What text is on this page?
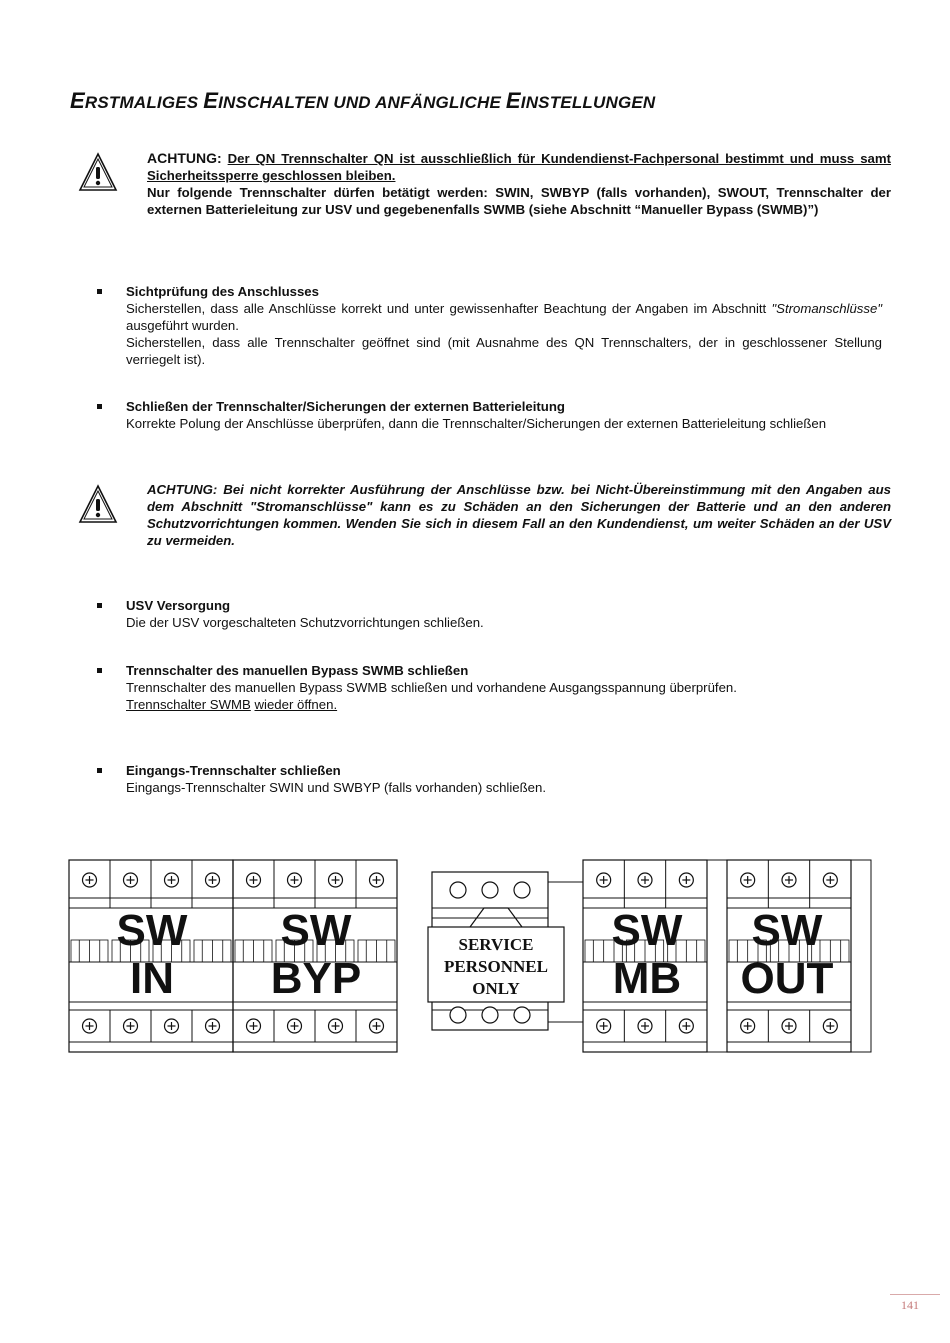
ERSTMALIGES EINSCHALTEN UND ANFÄNGLICHE EINSTELLUNGEN
ACHTUNG: Der QN Trennschalter QN ist ausschließlich für Kundendienst-Fachpersonal bestimmt und muss samt Sicherheitssperre geschlossen bleiben.
Nur folgende Trennschalter dürfen betätigt werden: SWIN, SWBYP (falls vorhanden), SWOUT, Trennschalter der externen Batterieleitung zur USV und gegebenenfalls SWMB (siehe Abschnitt “Manueller Bypass (SWMB)”)
Sichtprüfung des Anschlusses
Sicherstellen, dass alle Anschlüsse korrekt und unter gewissenhafter Beachtung der Angaben im Abschnitt "Stromanschlüsse" ausgeführt wurden.
Sicherstellen, dass alle Trennschalter geöffnet sind (mit Ausnahme des QN Trennschalters, der in geschlossener Stellung verriegelt ist).
Schließen der Trennschalter/Sicherungen der externen Batterieleitung
Korrekte Polung der Anschlüsse überprüfen, dann die Trennschalter/Sicherungen der externen Batterieleitung schließen
ACHTUNG: Bei nicht korrekter Ausführung der Anschlüsse bzw. bei Nicht-Übereinstimmung mit den Angaben aus dem Abschnitt "Stromanschlüsse" kann es zu Schäden an den Sicherungen der Batterie und an den anderen Schutzvorrichtungen kommen. Wenden Sie sich in diesem Fall an den Kundendienst, um weiter Schäden an der USV zu vermeiden.
USV Versorgung
Die der USV vorgeschalteten Schutzvorrichtungen schließen.
Trennschalter des manuellen Bypass SWMB schließen
Trennschalter des manuellen Bypass SWMB schließen und vorhandene Ausgangsspannung überprüfen.
Trennschalter SWMB wieder öffnen.
Eingangs-Trennschalter schließen
Eingangs-Trennschalter SWIN und SWBYP (falls vorhanden) schließen.
SW
IN
SW
BYP
SW
MB
SW
OUT
SERVICE
PERSONNEL
ONLY
141
